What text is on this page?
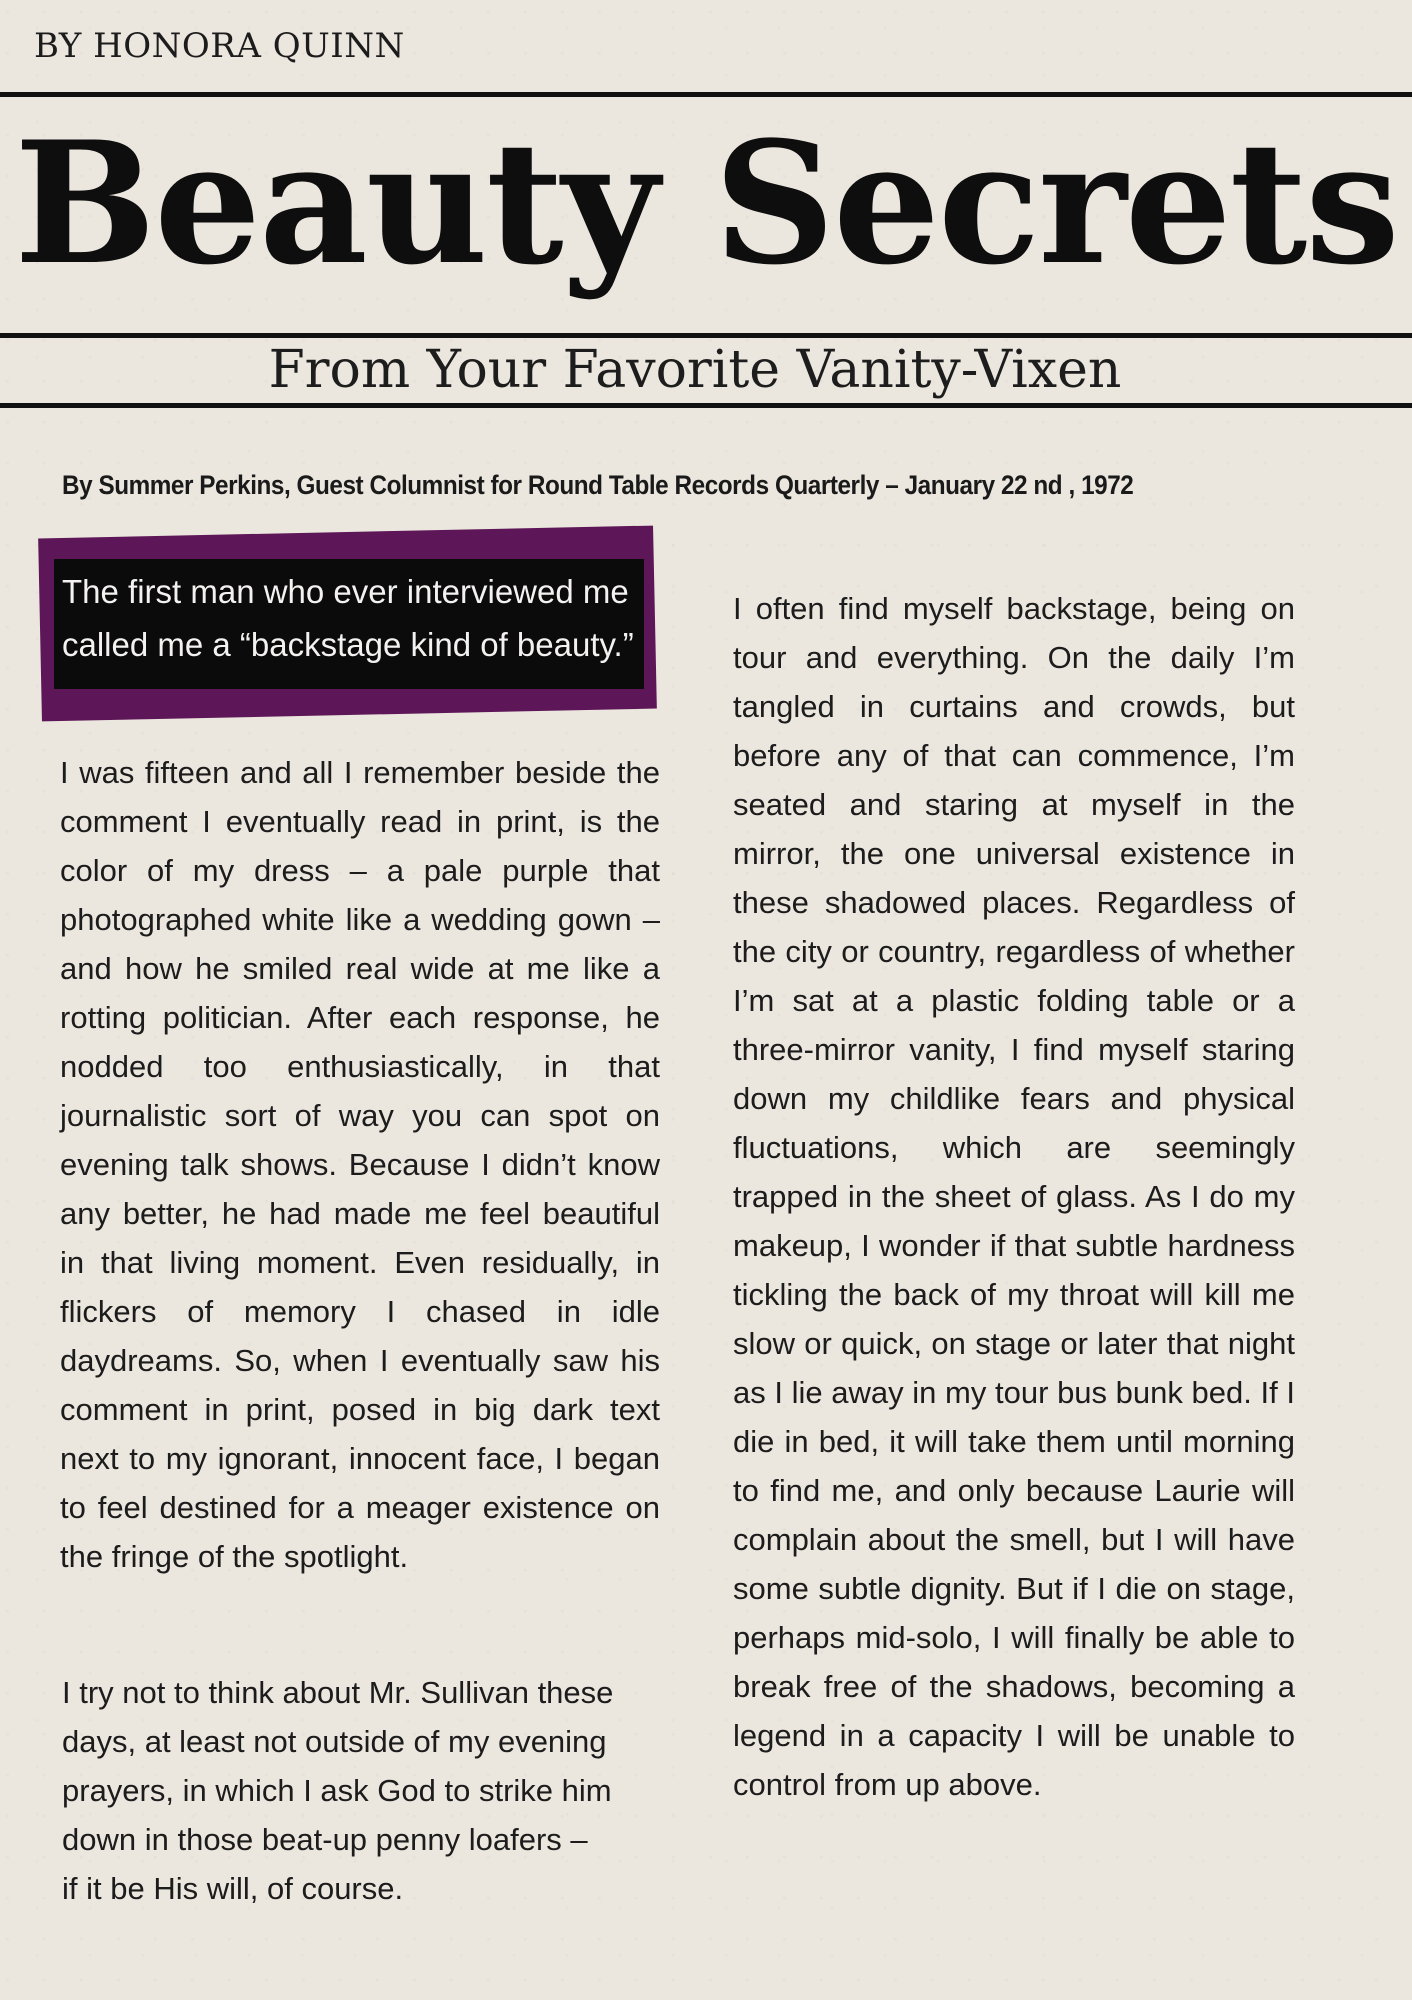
BY HONORA QUINN
Beauty Secrets
From Your Favorite Vanity-Vixen
By Summer Perkins, Guest Columnist for Round Table Records Quarterly – January 22 nd , 1972
The first man who ever interviewed me
called me a “backstage kind of beauty.”

I was fifteen and all I remember beside the comment I eventually read in print, is the color of my dress – a pale purple that photographed white like a wedding gown – and how he smiled real wide at me like a rotting politician. After each response, he nodded too enthusiastically, in that journalistic sort of way you can spot on evening talk shows. Because I didn’t know any better, he had made me feel beautiful in that living moment. Even residually, in flickers of memory I chased in idle daydreams. So, when I eventually saw his comment in print, posed in big dark text next to my ignorant, innocent face, I began to feel destined for a meager existence on the fringe of the spotlight.

I try not to think about Mr. Sullivan these days, at least not outside of my evening prayers, in which I ask God to strike him down in those beat-up penny loafers –

if it be His will, of course.

I often find myself backstage, being on tour and everything. On the daily I’m tangled in curtains and crowds, but before any of that can commence, I’m seated and staring at myself in the mirror, the one universal existence in these shadowed places. Regardless of the city or country, regardless of whether I’m sat at a plastic folding table or a three-mirror vanity, I find myself staring down my childlike fears and physical fluctuations, which are seemingly trapped in the sheet of glass. As I do my makeup, I wonder if that subtle hardness tickling the back of my throat will kill me slow or quick, on stage or later that night as I lie away in my tour bus bunk bed. If I die in bed, it will take them until morning to find me, and only because Laurie will complain about the smell, but I will have some subtle dignity. But if I die on stage, perhaps mid-solo, I will finally be able to break free of the shadows, becoming a legend in a capacity I will be unable to control from up above.
